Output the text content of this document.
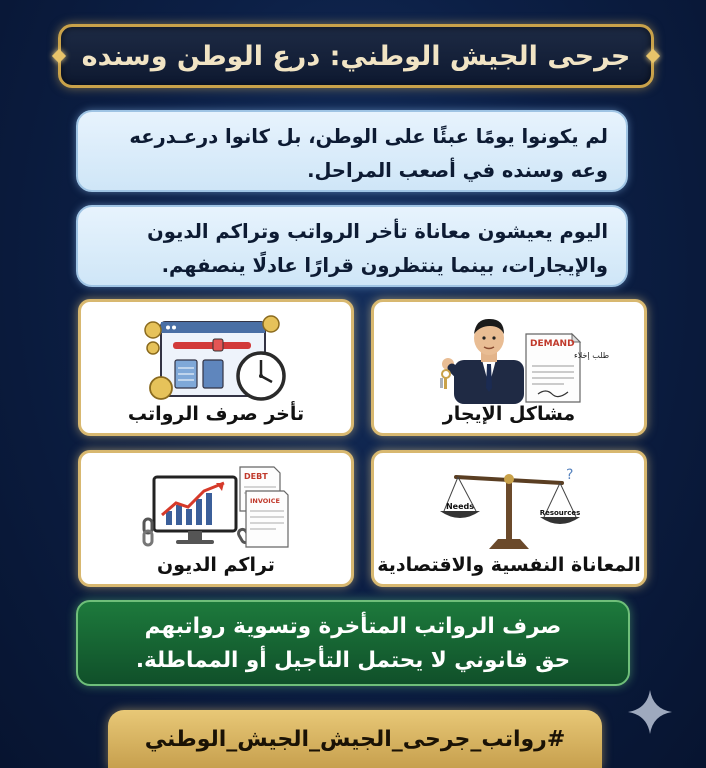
جرحى الجيش الوطني: درع الوطن وسنده
لم يكونوا يومًا عبئًا على الوطن، بل كانوا درعـدرعه
وعه وسنده في أصعب المراحل.
اليوم يعيشون معاناة تأخر الرواتب وتراكم الديون
والإيجارات، بينما ينتظرون قرارًا عادلًا ينصفهم.
DEMAND
طلب إخلاء
مشاكل الإيجار
تأخر صرف الرواتب
Needs
Resources
?
المعاناة النفسية والاقتصادية
DEBT
INVOICE
تراكم الديون
صرف الرواتب المتأخرة وتسوية رواتبهم
حق قانوني لا يحتمل التأجيل أو المماطلة.
#رواتب_جرحى_الجيش_الجيش_الوطني
